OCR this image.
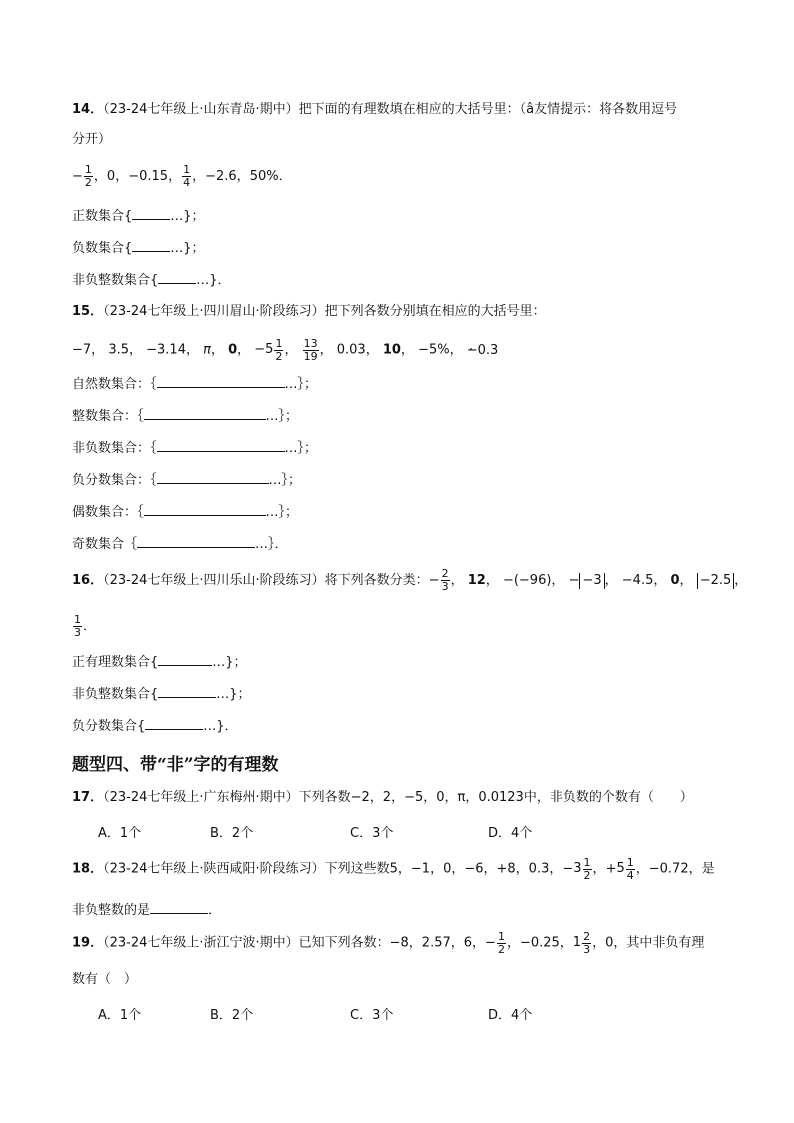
14．（23-24七年级上·山东青岛·期中）把下面的有理数填在相应的大括号里：（â友情提示：将各数用逗号
分开）
− $\frac{1}{2}$ ，0，−0.15， $\frac{1}{4}$ ，−2.6，50%．
正数集合{	…}；
负数集合{	…}；
非负整数集合{	…}．
15．（23-24七年级上·四川眉山·阶段练习）把下列各数分别填在相应的大括号里：
−7， 3.5， −3.14， π， 0， $-5 \frac{1}{2}$ ， $\frac{13}{19}$ ， 0.03， 10， −5%， −0.3 ·
自然数集合：｛	…｝；
整数集合：｛	…｝；
非负数集合：｛	…｝；
负分数集合：｛	…｝；
偶数集合：｛	…｝；
奇数集合｛	…｝．
16．（23-24七年级上·四川乐山·阶段练习）将下列各数分类：− $\frac{2}{3}$ ， 12， −(−96)， − −3 ， −4.5， 0， −2.5 ，
$\frac{1}{3}$ ．
正有理数集合{	…}；
非负整数集合{	…}；
负分数集合{	…}．
题型四、带“非”字的有理数
17．（23-24七年级上·广东梅州·期中）下列各数−2，2，−5，0，π，0.0123中，非负数的个数有（　　）
A．1个	B．2个	C．3个	D．4个
18．（23-24七年级上·陕西咸阳·阶段练习）下列这些数5，−1，0，−6，+8，0.3，− $3 \frac{1}{2}$ ，+ $5 \frac{1}{4}$ ，−0.72，是
非负整数的是	．
19．（23-24七年级上·浙江宁波·期中）已知下列各数：−8，2.57，6，− $\frac{1}{2}$ ，−0.25， $1 \frac{2}{3}$ ，0，其中非负有理
数有（　）
A．1个	B．2个	C．3个	D．4个
